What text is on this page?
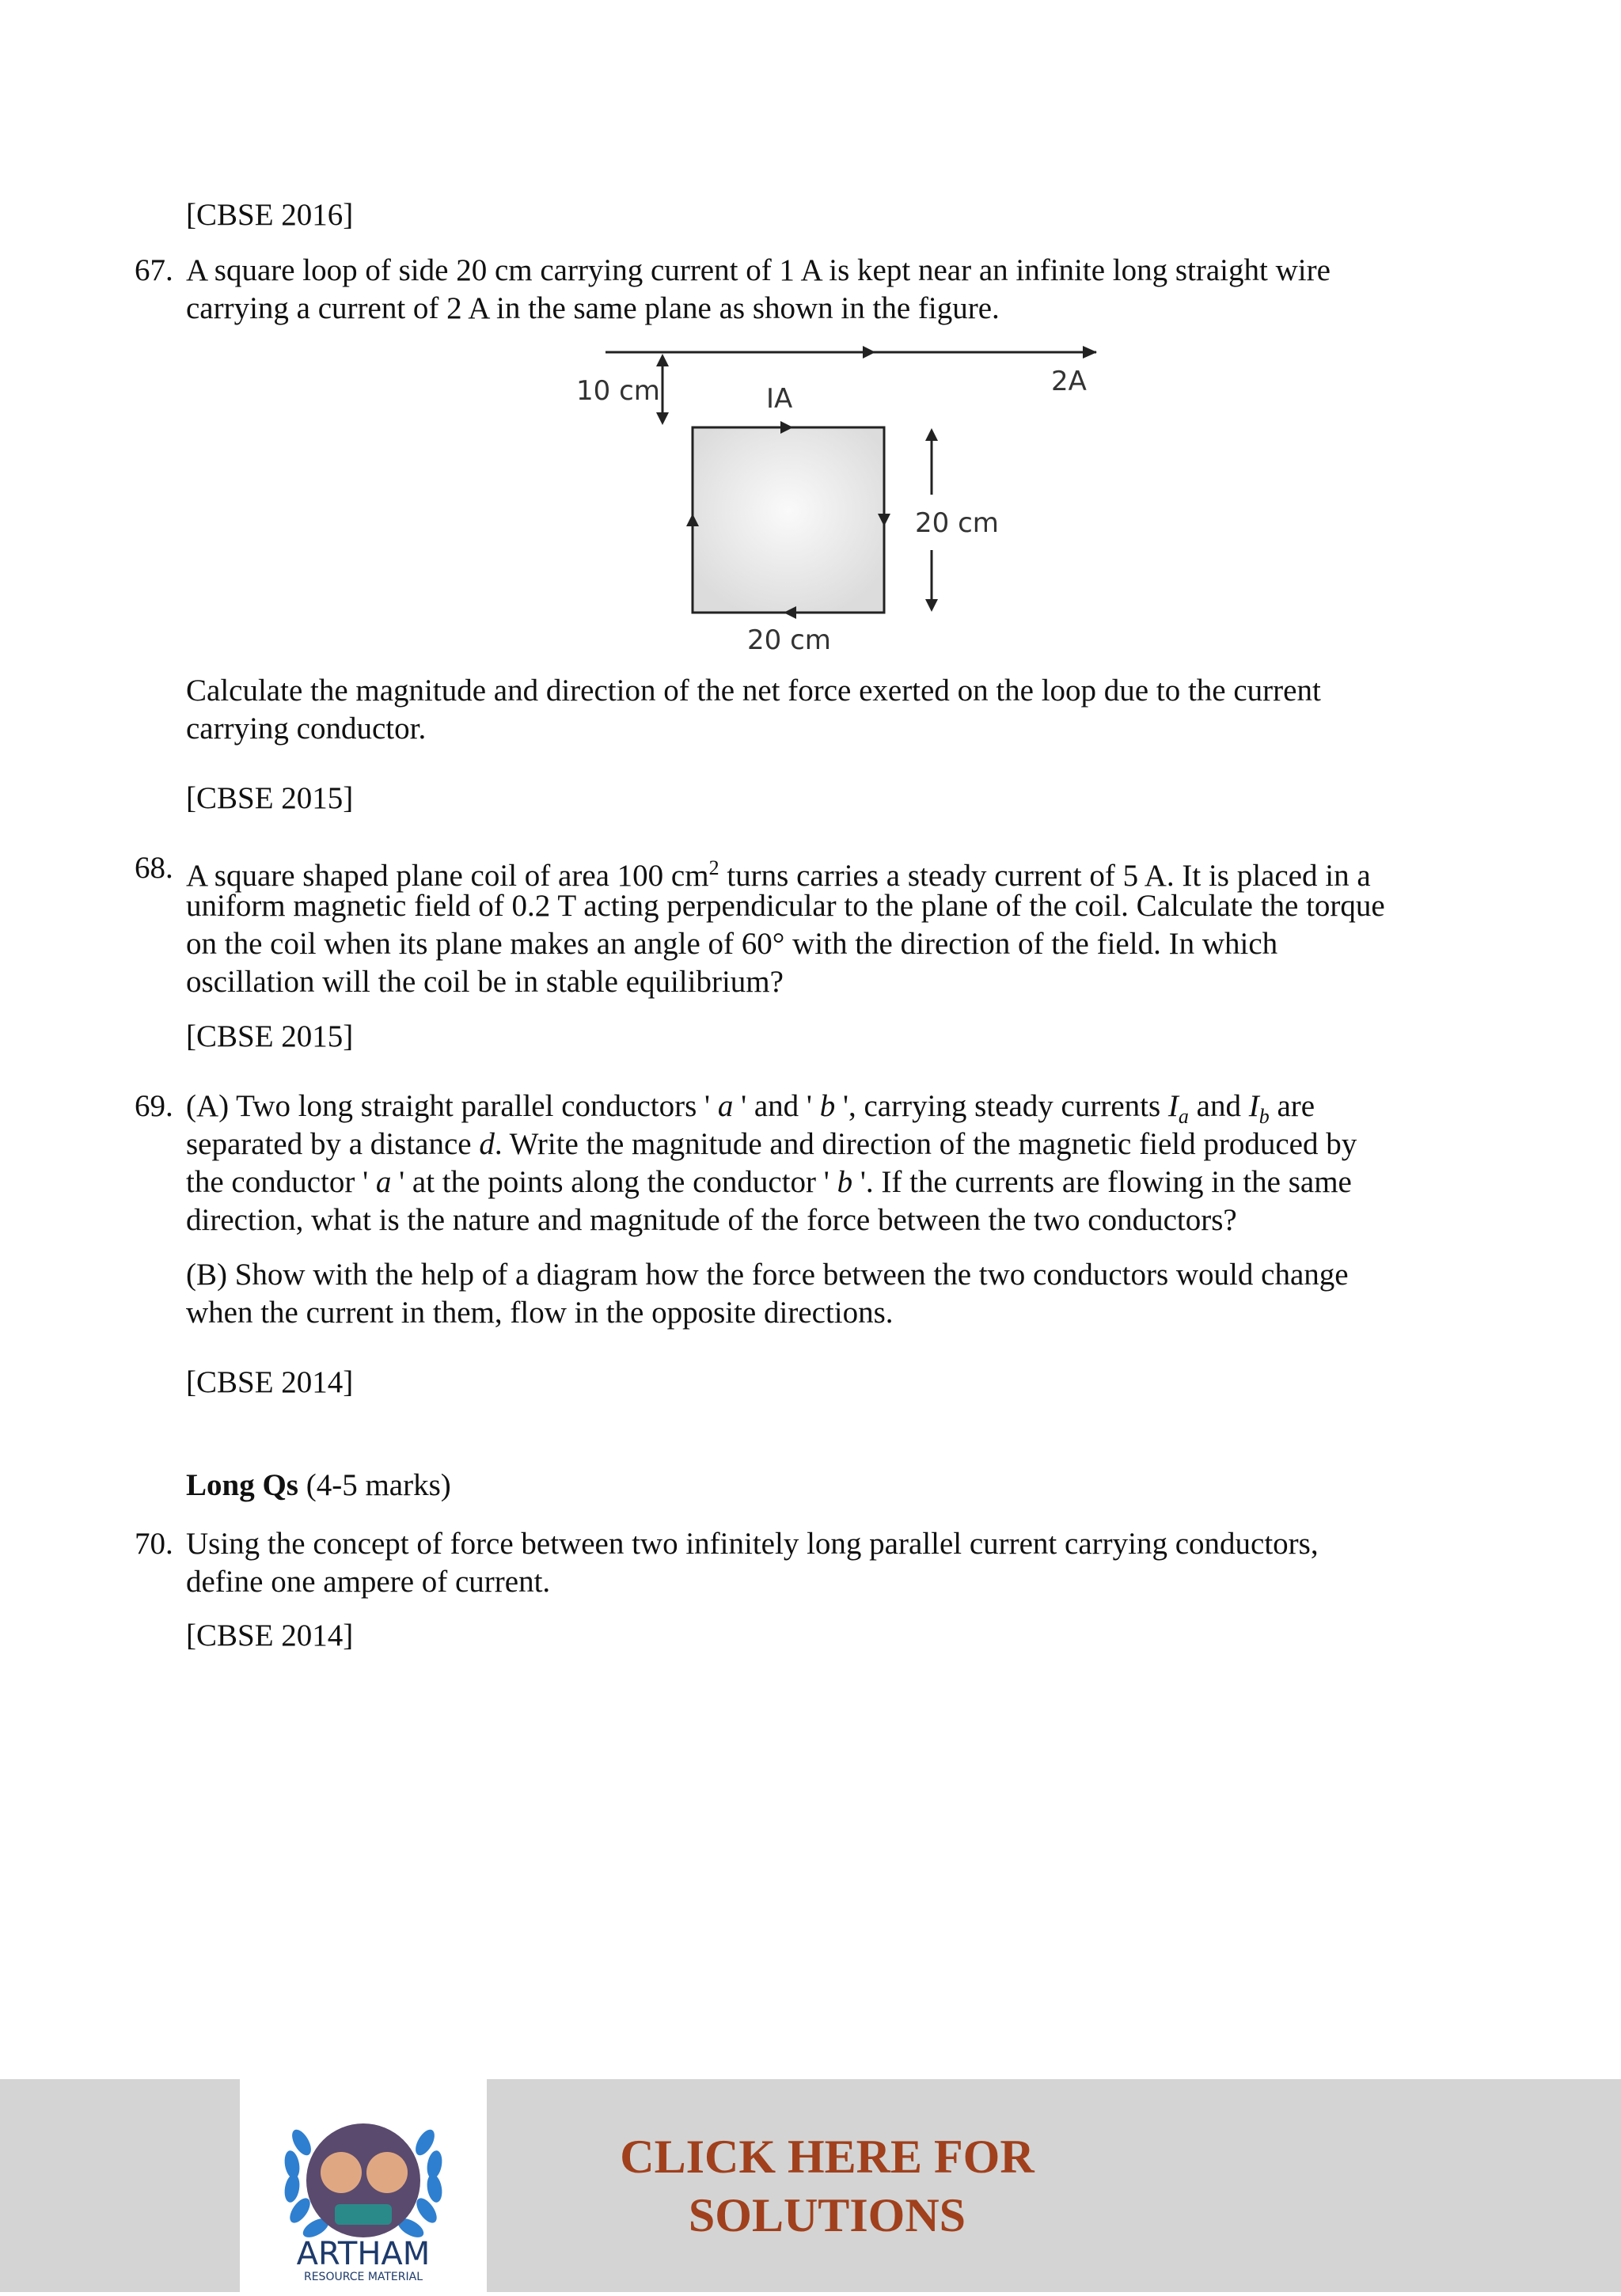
[CBSE 2016]

67. A square loop of side 20 cm carrying current of 1 A is kept near an infinite long straight wire

carrying a current of 2 A in the same plane as shown in the figure.

2A
10 cm	IA
20 cm
20 cm

Calculate the magnitude and direction of the net force exerted on the loop due to the current

carrying conductor.

[CBSE 2015]

68. A square shaped plane coil of area 100 $cm^2$ turns carries a steady current of 5 A. It is placed in a

uniform magnetic field of 0.2 T acting perpendicular to the plane of the coil. Calculate the torque

on the coil when its plane makes an angle of 60° with the direction of the field. In which

oscillation will the coil be in stable equilibrium?

[CBSE 2015]

69. (A) Two long straight parallel conductors ' a ' and ' b ', carrying steady currents $I_a$ and $I_b$ are

separated by a distance d. Write the magnitude and direction of the magnetic field produced by

the conductor ' a ' at the points along the conductor ' b '. If the currents are flowing in the same

direction, what is the nature and magnitude of the force between the two conductors?

(B) Show with the help of a diagram how the force between the two conductors would change

when the current in them, flow in the opposite directions.

[CBSE 2014]

Long Qs (4-5 marks)

70. Using the concept of force between two infinitely long parallel current carrying conductors,

define one ampere of current.

[CBSE 2014]

ARTHAM
RESOURCE MATERIAL
CLICK HERE FOR
SOLUTIONS
